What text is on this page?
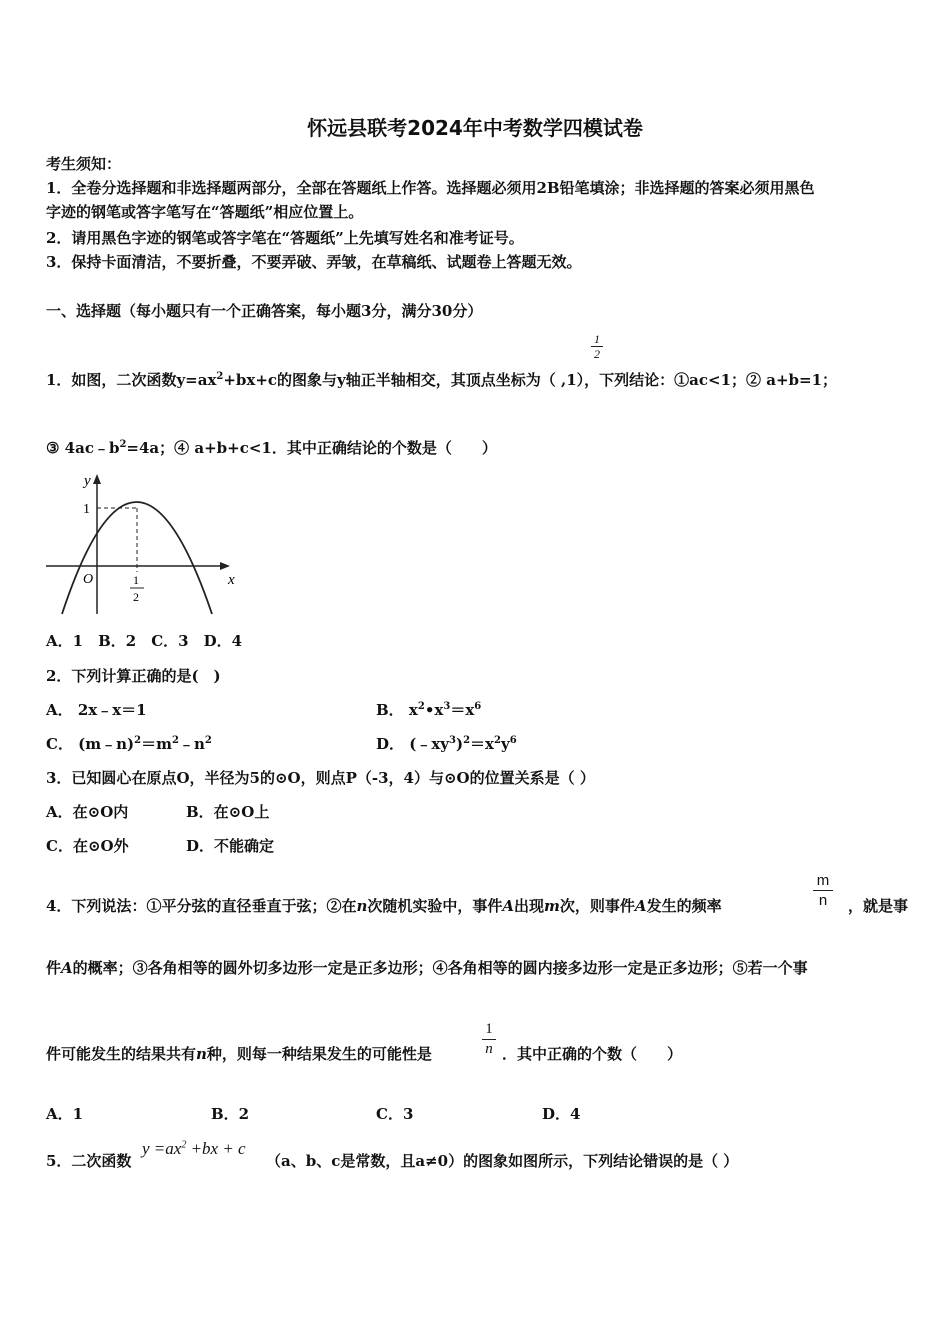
怀远县联考2024年中考数学四模试卷
考生须知：
1．全卷分选择题和非选择题两部分，全部在答题纸上作答。选择题必须用2B铅笔填涂；非选择题的答案必须用黑色
字迹的钢笔或答字笔写在“答题纸”相应位置上。
2．请用黑色字迹的钢笔或答字笔在“答题纸”上先填写姓名和准考证号。
3．保持卡面清洁，不要折叠，不要弄破、弄皱，在草稿纸、试题卷上答题无效。
一、选择题（每小题只有一个正确答案，每小题3分，满分30分）
1
2
1．如图，二次函数$y=ax^2+bx+c$的图象与y轴正半轴相交，其顶点坐标为（ ,1），下列结论：①ac<1；② a+b=1；
③ $4ac﹣b^2=4a$；④ a+b+c<1．其中正确结论的个数是（　　）
y
x
O
1
1
2
A．1　B．2　C．3　D．4
2．下列计算正确的是(　)
A． 2x﹣x＝1	B． $x^2•x^3=x^6$
C． $(m﹣n)^2=m^2﹣n^2$	D． $(﹣xy^3)^2=x^2y^6$
3．已知圆心在原点O，半径为5的⊙O，则点P（-3，4）与⊙O的位置关系是（ ）
A．在⊙O内	B．在⊙O上
C．在⊙O外	D．不能确定
m
n
4．下列说法：①平分弦的直径垂直于弦；②在n次随机实验中，事件A出现m次，则事件A发生的频率	，就是事
件A的概率；③各角相等的圆外切多边形一定是正多边形；④各角相等的圆内接多边形一定是正多边形；⑤若一个事
1
n
件可能发生的结果共有n种，则每一种结果发生的可能性是	．其中正确的个数（　　）
A．1	B．2	C．3	D．4
5．二次函数
$y =ax^2 +bx + c$
（a、b、c是常数，且a≠0）的图象如图所示，下列结论错误的是（ ）
